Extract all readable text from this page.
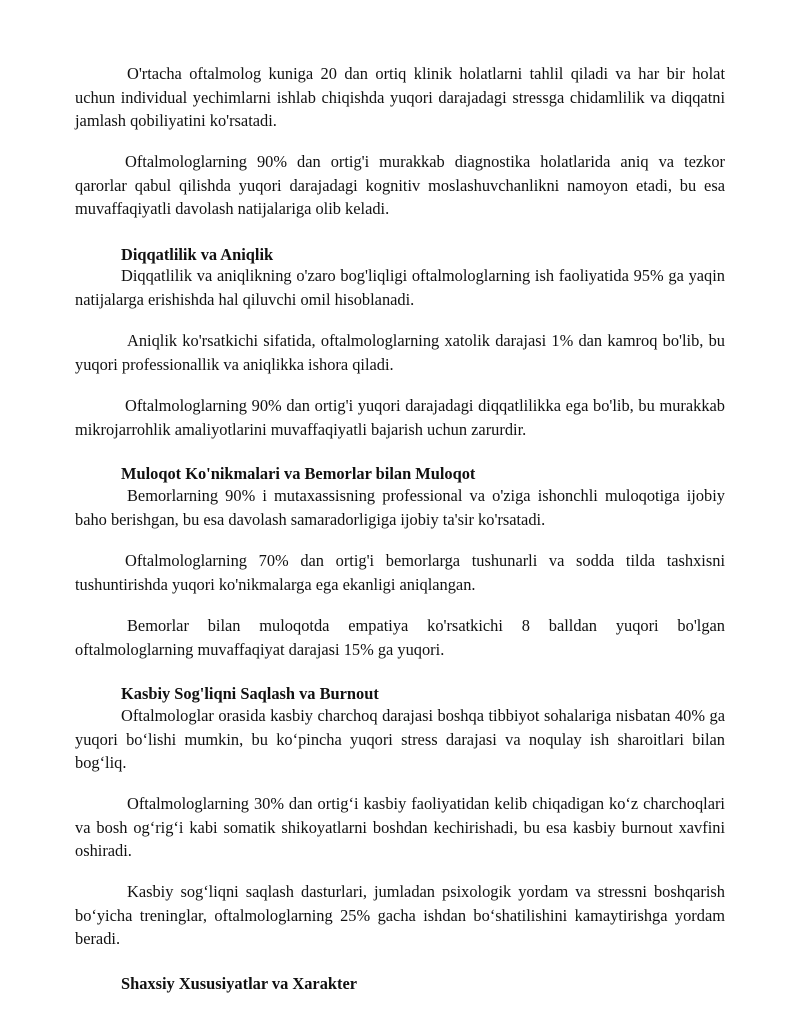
O'rtacha oftalmolog kuniga 20 dan ortiq klinik holatlarni tahlil qiladi va har bir holat uchun individual yechimlarni ishlab chiqishda yuqori darajadagi stressga chidamlilik va diqqatni jamlash qobiliyatini ko'rsatadi.

Oftalmologlarning 90% dan ortig'i murakkab diagnostika holatlarida aniq va tezkor qarorlar qabul qilishda yuqori darajadagi kognitiv moslashuvchanlikni namoyon etadi, bu esa muvaffaqiyatli davolash natijalariga olib keladi.

Diqqatlilik va Aniqlik

Diqqatlilik va aniqlikning o'zaro bog'liqligi oftalmologlarning ish faoliyatida 95% ga yaqin natijalarga erishishda hal qiluvchi omil hisoblanadi.

Aniqlik ko'rsatkichi sifatida, oftalmologlarning xatolik darajasi 1% dan kamroq bo'lib, bu yuqori professionallik va aniqlikka ishora qiladi.

Oftalmologlarning 90% dan ortig'i yuqori darajadagi diqqatlilikka ega bo'lib, bu murakkab mikrojarrohlik amaliyotlarini muvaffaqiyatli bajarish uchun zarurdir.

Muloqot Ko'nikmalari va Bemorlar bilan Muloqot

Bemorlarning 90% i mutaxassisning professional va o'ziga ishonchli muloqotiga ijobiy baho berishgan, bu esa davolash samaradorligiga ijobiy ta'sir ko'rsatadi.

Oftalmologlarning 70% dan ortig'i bemorlarga tushunarli va sodda tilda tashxisni tushuntirishda yuqori ko'nikmalarga ega ekanligi aniqlangan.

Bemorlar bilan muloqotda empatiya ko'rsatkichi 8 balldan yuqori bo'lgan oftalmologlarning muvaffaqiyat darajasi 15% ga yuqori.

Kasbiy Sog'liqni Saqlash va Burnout

Oftalmologlar orasida kasbiy charchoq darajasi boshqa tibbiyot sohalariga nisbatan 40% ga yuqori bo‘lishi mumkin, bu ko‘pincha yuqori stress darajasi va noqulay ish sharoitlari bilan bog‘liq.

Oftalmologlarning 30% dan ortig‘i kasbiy faoliyatidan kelib chiqadigan ko‘z charchoqlari va bosh og‘rig‘i kabi somatik shikoyatlarni boshdan kechirishadi, bu esa kasbiy burnout xavfini oshiradi.

Kasbiy sog‘liqni saqlash dasturlari, jumladan psixologik yordam va stressni boshqarish bo‘yicha treninglar, oftalmologlarning 25% gacha ishdan bo‘shatilishini kamaytirishga yordam beradi.

Shaxsiy Xususiyatlar va Xarakter
